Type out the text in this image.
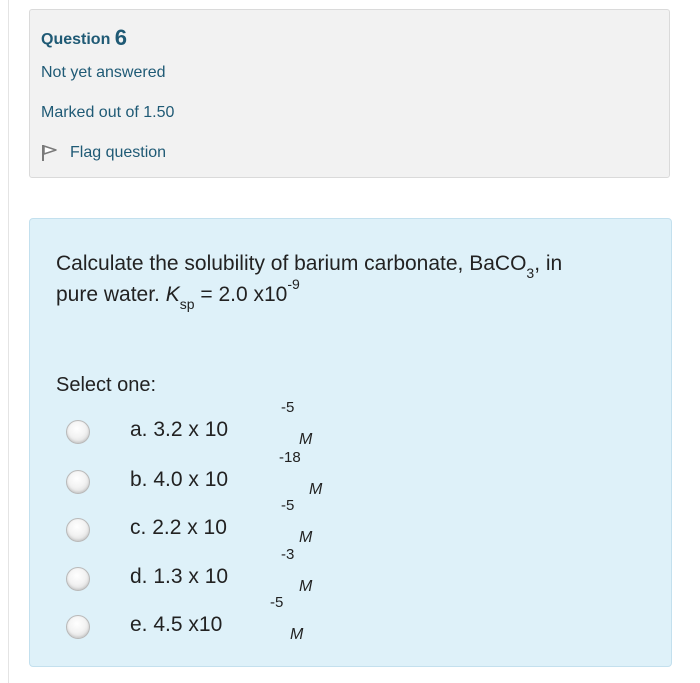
Question 6
Not yet answered
Marked out of 1.50
Flag question
Calculate the solubility of barium carbonate, BaCO$_3$, in
pure water. $K_{sp} = 2.0$ $x10^{-9}$
Select one:
a. 3.2 x 10
-5
M
b. 4.0 x 10
-18
M
c. 2.2 x 10
-5
M
d. 1.3 x 10
-3
M
e. 4.5 x10
-5
M
